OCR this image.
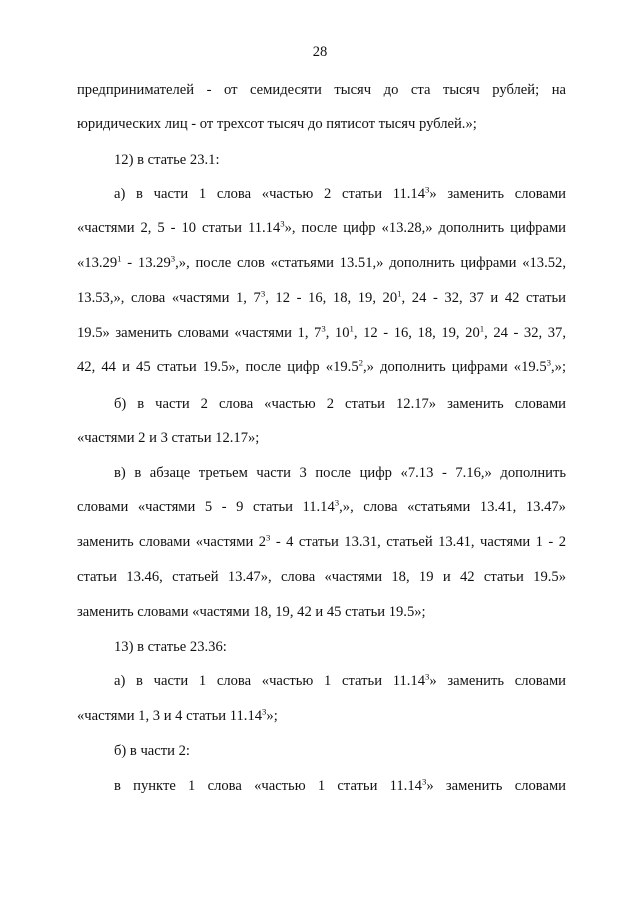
28
предпринимателей - от семидесяти тысяч до ста тысяч рублей; на
юридических лиц - от трехсот тысяч до пятисот тысяч рублей.»;
12) в статье 23.1:
а) в части 1 слова «частью 2 статьи 11.14$^3$» заменить словами
«частями 2, 5 - 10 статьи 11.14$^3$», после цифр «13.28,» дополнить цифрами
«13.29$^1$ - 13.29$^3$,», после слов «статьями 13.51,» дополнить цифрами «13.52,
13.53,», слова «частями 1, $7^3$, 12 - 16, 18, 19, $20^1$, 24 - 32, 37 и 42 статьи
19.5» заменить словами «частями 1, $7^3$, $10^1$, 12 - 16, 18, 19, $20^1$, 24 - 32, 37,
42, 44 и 45 статьи 19.5», после цифр «19.5$^2$,» дополнить цифрами «19.5$^3$,»;
б) в части 2 слова «частью 2 статьи 12.17» заменить словами
«частями 2 и 3 статьи 12.17»;
в) в абзаце третьем части 3 после цифр «7.13 - 7.16,» дополнить
словами «частями 5 - 9 статьи 11.14$^3$,», слова «статьями 13.41, 13.47»
заменить словами «частями $2^3 - 4$ статьи 13.31, статьей 13.41, частями 1 - 2
статьи 13.46, статьей 13.47», слова «частями 18, 19 и 42 статьи 19.5»
заменить словами «частями 18, 19, 42 и 45 статьи 19.5»;
13) в статье 23.36:
а) в части 1 слова «частью 1 статьи 11.14$^3$» заменить словами
«частями 1, 3 и 4 статьи 11.14$^3$»;
б) в части 2:
в пункте 1 слова «частью 1 статьи 11.14$^3$» заменить словами
